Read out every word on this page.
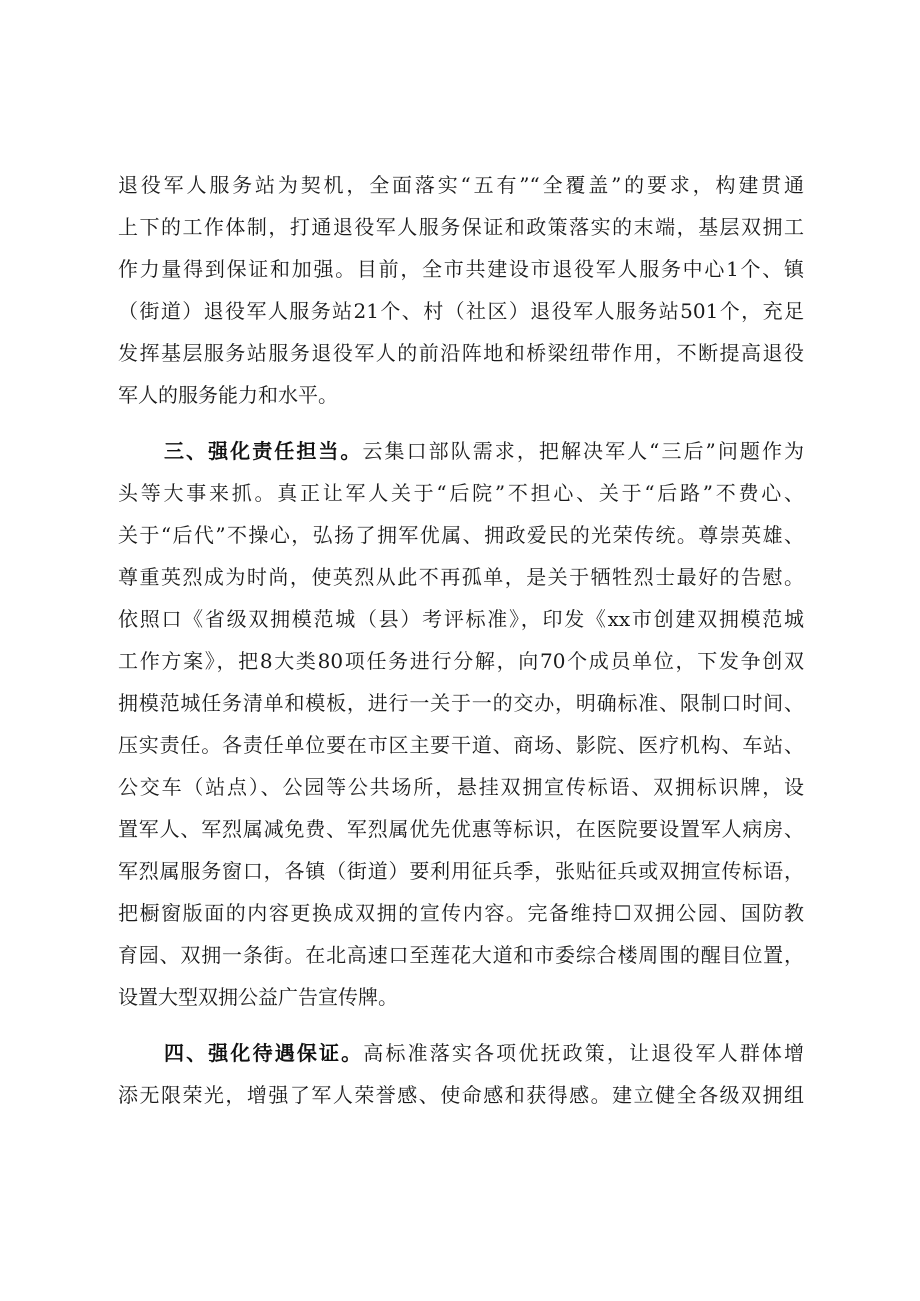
退役军人服务站为契机，全面落实“五有”“全覆盖”的要求，构建贯通
上下的工作体制，打通退役军人服务保证和政策落实的末端，基层双拥工
作力量得到保证和加强。目前，全市共建设市退役军人服务中心1个、镇
（街道）退役军人服务站21个、村（社区）退役军人服务站501个，充足
发挥基层服务站服务退役军人的前沿阵地和桥梁纽带作用，不断提高退役
军人的服务能力和水平。
三、强化责任担当。云集口部队需求，把解决军人“三后”问题作为
头等大事来抓。真正让军人关于“后院”不担心、关于“后路”不费心、
关于“后代”不操心，弘扬了拥军优属、拥政爱民的光荣传统。尊崇英雄、
尊重英烈成为时尚，使英烈从此不再孤单，是关于牺牲烈士最好的告慰。
依照口《省级双拥模范城（县）考评标准》，印发《xx市创建双拥模范城
工作方案》，把8大类80项任务进行分解，向70个成员单位，下发争创双
拥模范城任务清单和模板，进行一关于一的交办，明确标准、限制口时间、
压实责任。各责任单位要在市区主要干道、商场、影院、医疗机构、车站、
公交车（站点）、公园等公共场所，悬挂双拥宣传标语、双拥标识牌，设
置军人、军烈属减免费、军烈属优先优惠等标识，在医院要设置军人病房、
军烈属服务窗口，各镇（街道）要利用征兵季，张贴征兵或双拥宣传标语，
把橱窗版面的内容更换成双拥的宣传内容。完备维持☐双拥公园、国防教
育园、双拥一条街。在北高速口至莲花大道和市委综合楼周围的醒目位置，
设置大型双拥公益广告宣传牌。
四、强化待遇保证。高标准落实各项优抚政策，让退役军人群体增
添无限荣光，增强了军人荣誉感、使命感和获得感。建立健全各级双拥组
